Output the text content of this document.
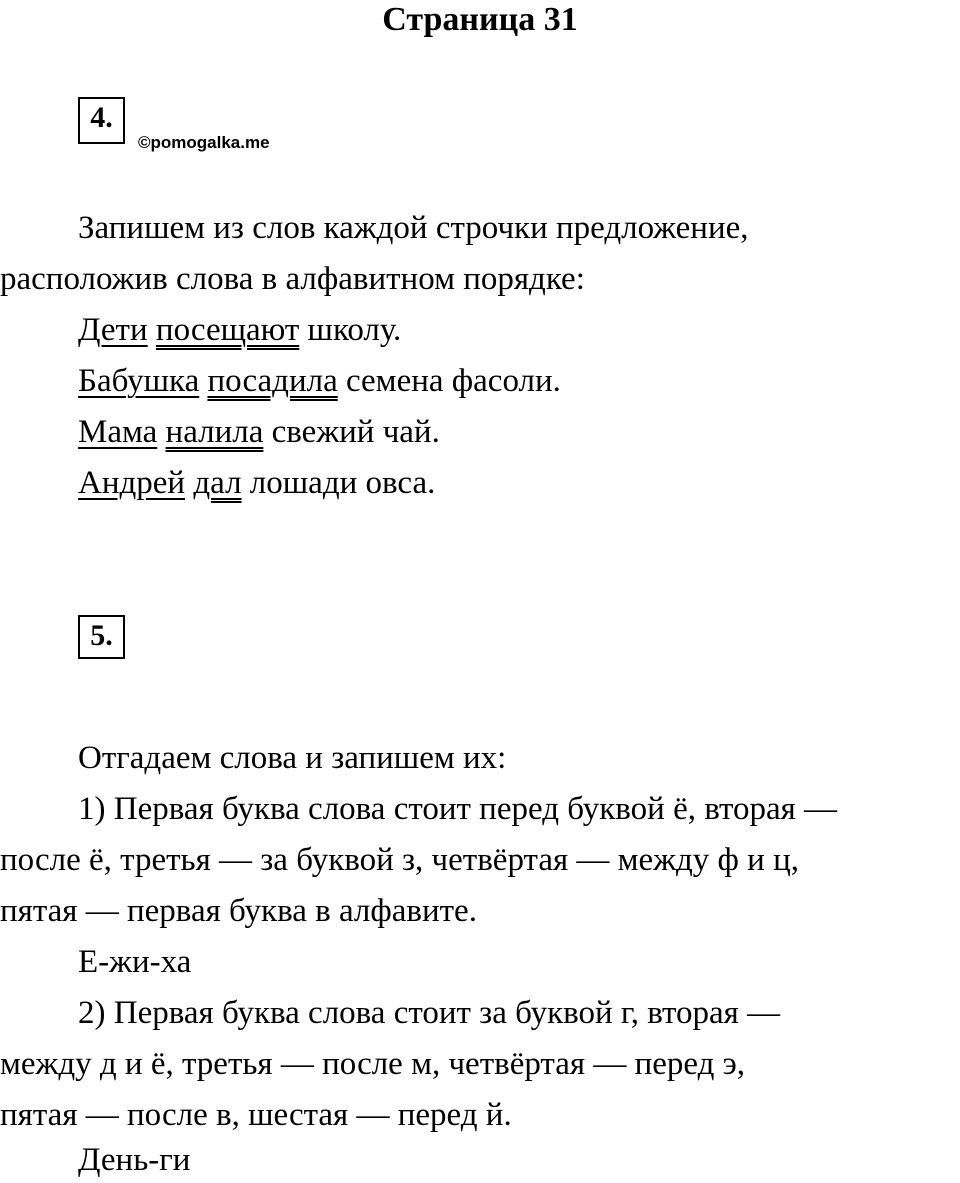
Страница 31
4.
©pomogalka.me
Запишем из слов каждой строчки предложение,
расположив слова в алфавитном порядке:
Дети посещают школу.
Бабушка посадила семена фасоли.
Мама налила свежий чай.
Андрей дал лошади овса.
5.
Отгадаем слова и запишем их:
1) Первая буква слова стоит перед буквой ё, вторая —
после ё, третья — за буквой з, четвёртая — между ф и ц,
пятая — первая буква в алфавите.
Е-жи-ха
2) Первая буква слова стоит за буквой г, вторая —
между д и ё, третья — после м, четвёртая — перед э,
пятая — после в, шестая — перед й.
День-ги
